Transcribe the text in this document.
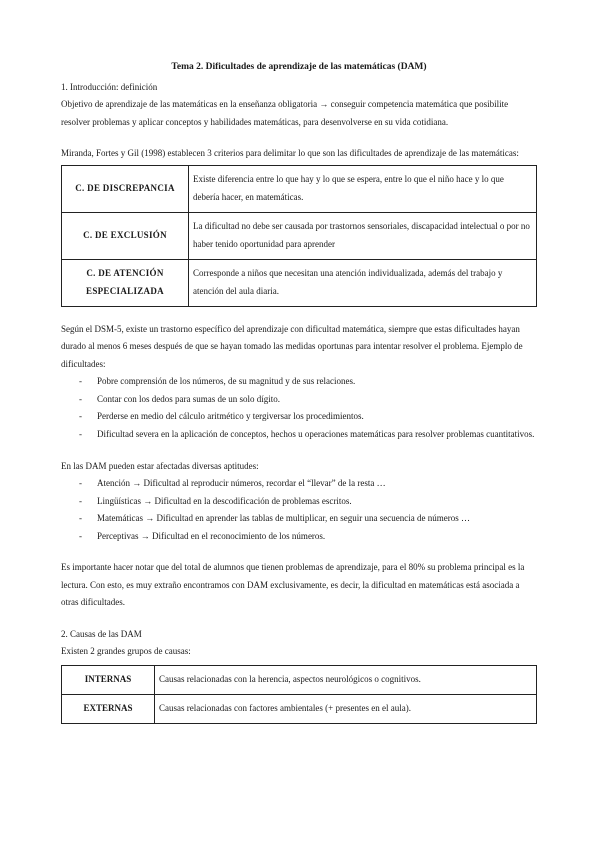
Tema 2. Dificultades de aprendizaje de las matemáticas (DAM)

1. Introducción: definición

Objetivo de aprendizaje de las matemáticas en la enseñanza obligatoria → conseguir competencia matemática que posibilite resolver problemas y aplicar conceptos y habilidades matemáticas, para desenvolverse en su vida cotidiana.

Miranda, Fortes y Gil (1998) establecen 3 criterios para delimitar lo que son las dificultades de aprendizaje de las matemáticas:

C. DE DISCREPANCIA	Existe diferencia entre lo que hay y lo que se espera, entre lo que el niño hace y lo que debería hacer, en matemáticas.
C. DE EXCLUSIÓN	La dificultad no debe ser causada por trastornos sensoriales, discapacidad intelectual o por no haber tenido oportunidad para aprender
C. DE ATENCIÓN ESPECIALIZADA	Corresponde a niños que necesitan una atención individualizada, además del trabajo y atención del aula diaria.

Según el DSM-5, existe un trastorno específico del aprendizaje con dificultad matemática, siempre que estas dificultades hayan durado al menos 6 meses después de que se hayan tomado las medidas oportunas para intentar resolver el problema. Ejemplo de dificultades:

- Pobre comprensión de los números, de su magnitud y de sus relaciones.
- Contar con los dedos para sumas de un solo dígito.
- Perderse en medio del cálculo aritmético y tergiversar los procedimientos.
- Dificultad severa en la aplicación de conceptos, hechos u operaciones matemáticas para resolver problemas cuantitativos.

En las DAM pueden estar afectadas diversas aptitudes:

- Atención → Dificultad al reproducir números, recordar el “llevar” de la resta …
- Lingüísticas → Dificultad en la descodificación de problemas escritos.
- Matemáticas → Dificultad en aprender las tablas de multiplicar, en seguir una secuencia de números …
- Perceptivas → Dificultad en el reconocimiento de los números.

Es importante hacer notar que del total de alumnos que tienen problemas de aprendizaje, para el 80% su problema principal es la lectura. Con esto, es muy extraño encontramos con DAM exclusivamente, es decir, la dificultad en matemáticas está asociada a otras dificultades.

2. Causas de las DAM

Existen 2 grandes grupos de causas:

INTERNAS	Causas relacionadas con la herencia, aspectos neurológicos o cognitivos.
EXTERNAS	Causas relacionadas con factores ambientales (+ presentes en el aula).
